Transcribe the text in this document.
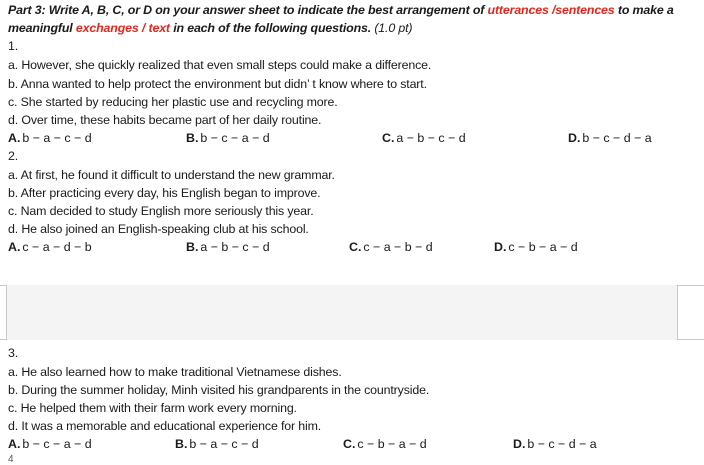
Part 3: Write A, B, C, or D on your answer sheet to indicate the best arrangement of utterances /sentences to make a
meaningful exchanges / text in each of the following questions. (1.0 pt)
1.
a. However, she quickly realized that even small steps could make a difference.
b. Anna wanted to help protect the environment but didn’ t know where to start.
c. She started by reducing her plastic use and recycling more.
d. Over time, these habits became part of her daily routine.
A. b − a − c − d	B. b − c − a − d	C. a − b − c − d	D. b − c − d − a
2.
a. At first, he found it difficult to understand the new grammar.
b. After practicing every day, his English began to improve.
c. Nam decided to study English more seriously this year.
d. He also joined an English-speaking club at his school.
A. c − a − d − b	B. a − b − c − d	C. c − a − b − d	D. c − b − a − d
3.
a. He also learned how to make traditional Vietnamese dishes.
b. During the summer holiday, Minh visited his grandparents in the countryside.
c. He helped them with their farm work every morning.
d. It was a memorable and educational experience for him.
A. b − c − a − d	B. b − a − c − d	C. c − b − a − d	D. b − c − d − a
4
